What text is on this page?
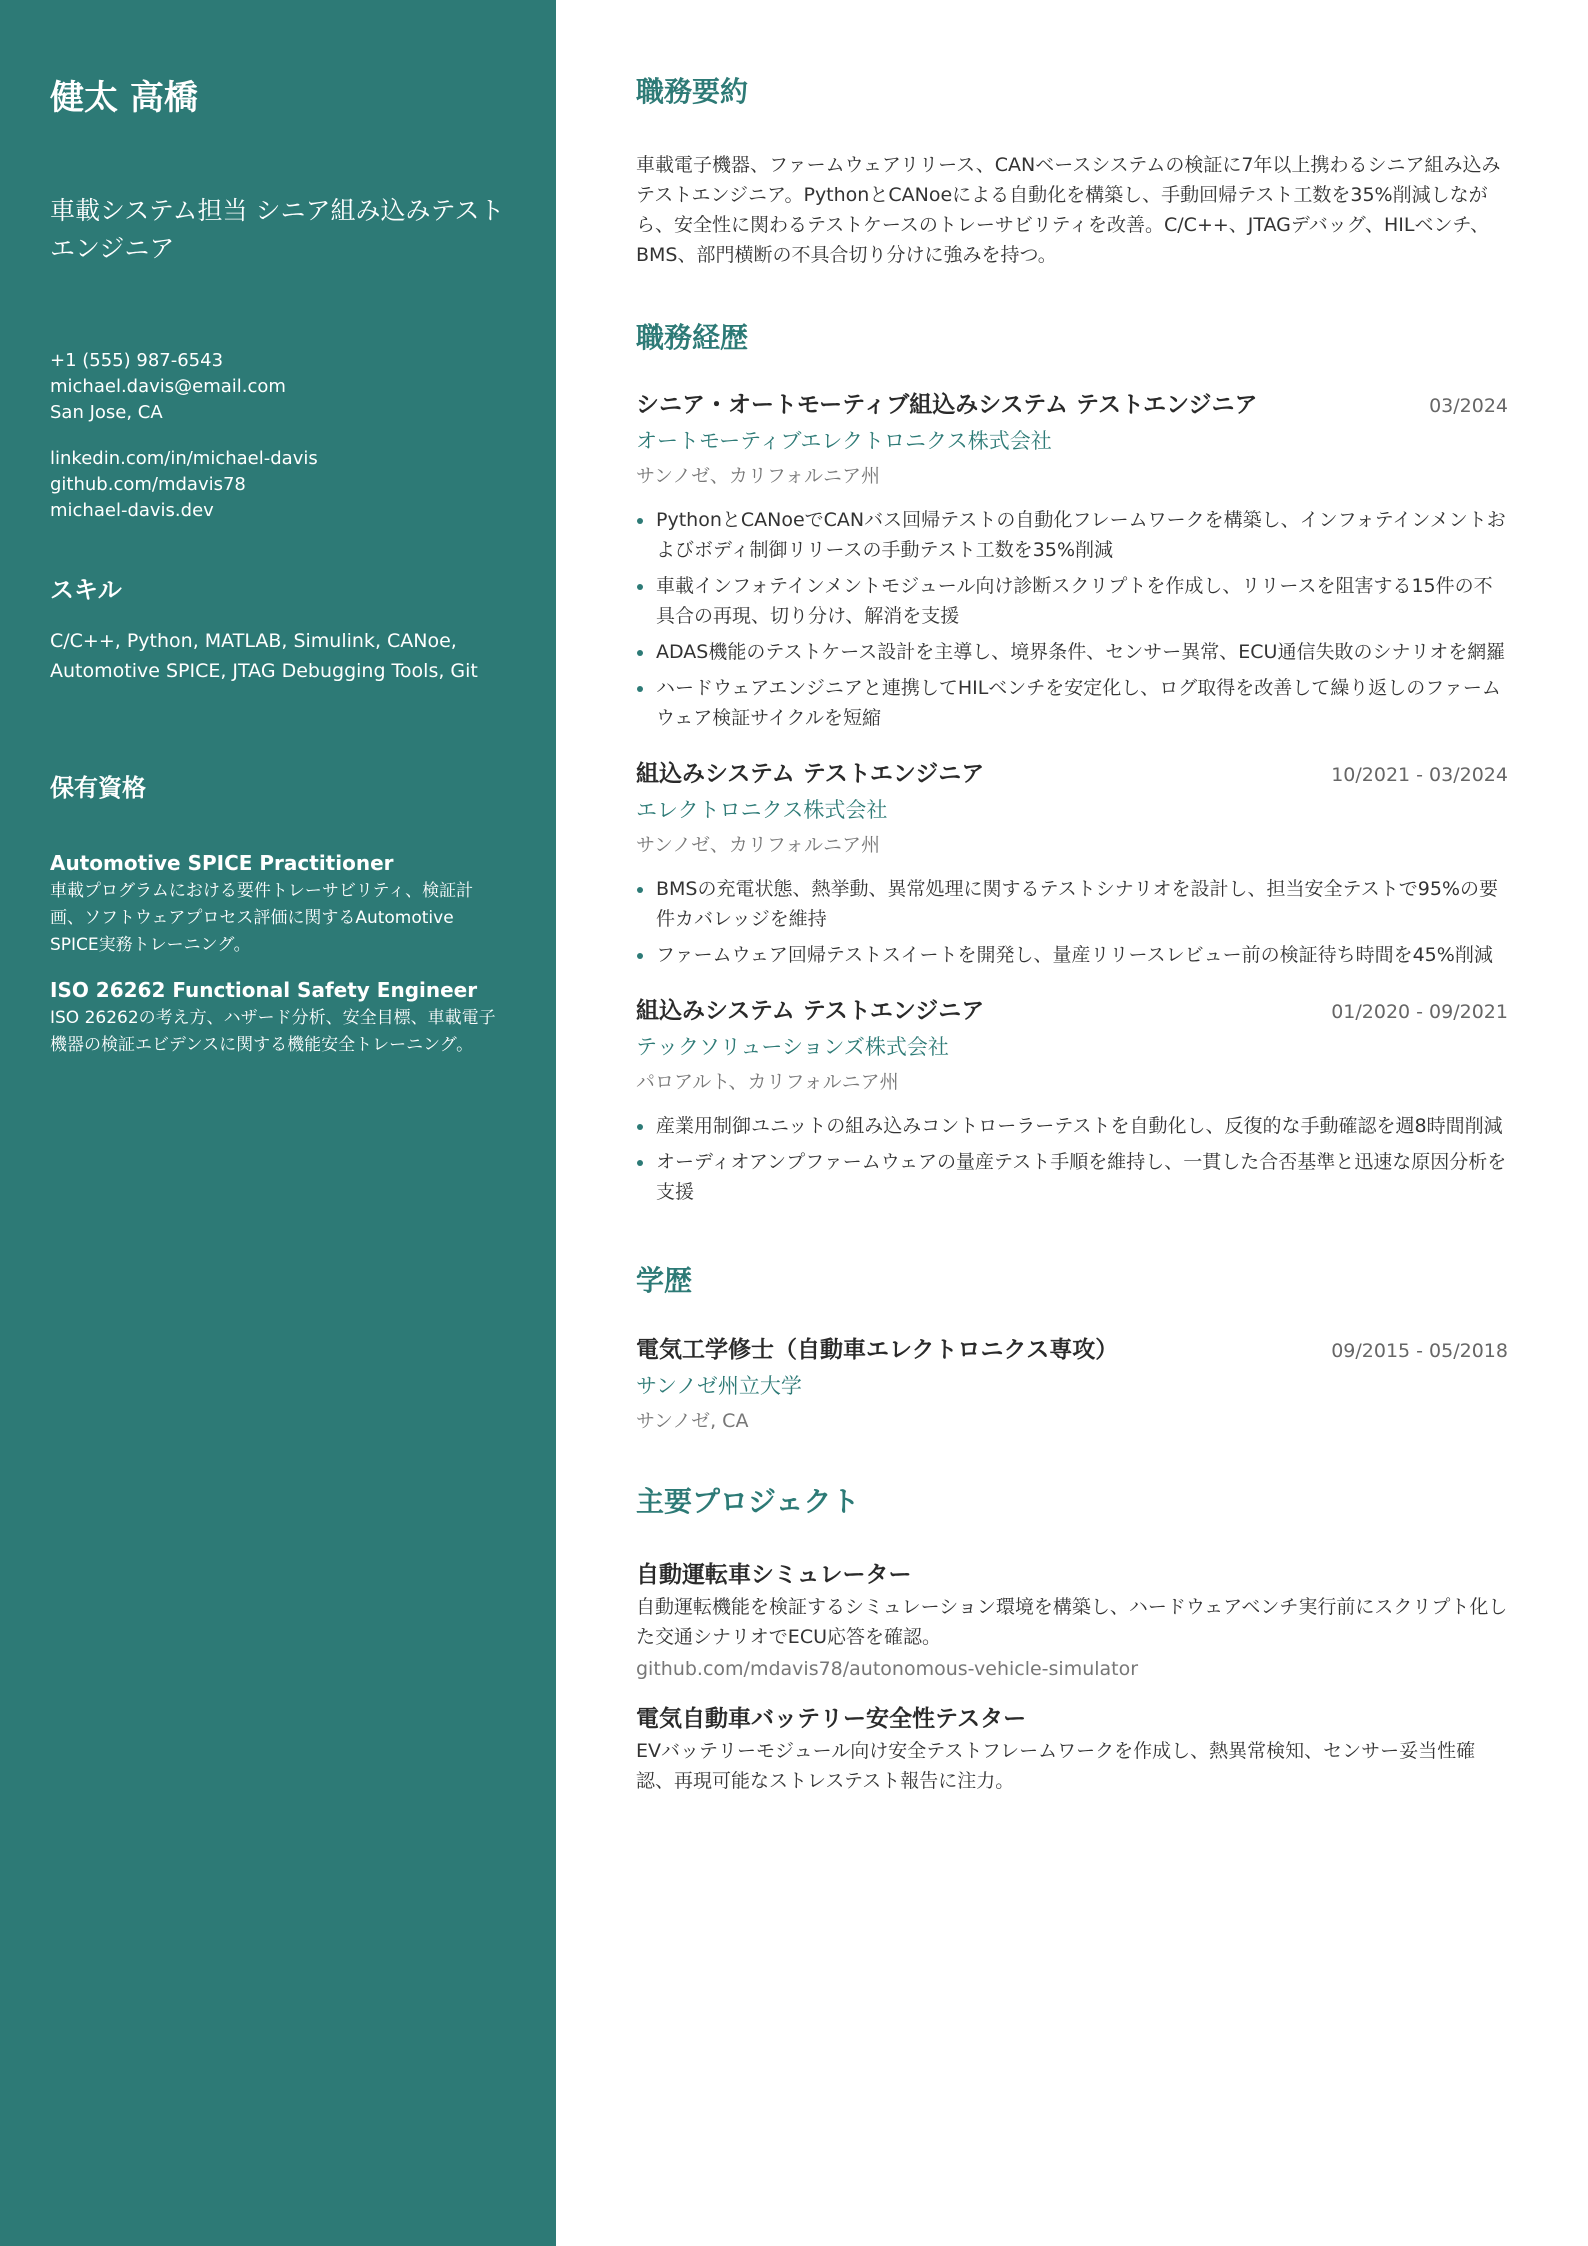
健太 高橋
車載システム担当 シニア組み込みテストエンジニア
+1 (555) 987-6543
michael.davis@email.com
San Jose, CA
linkedin.com/in/michael-davis
github.com/mdavis78
michael-davis.dev
スキル
C/C++, Python, MATLAB, Simulink, CANoe, Automotive SPICE, JTAG Debugging Tools, Git
保有資格
Automotive SPICE Practitioner
車載プログラムにおける要件トレーサビリティ、検証計画、ソフトウェアプロセス評価に関するAutomotive SPICE実務トレーニング。
ISO 26262 Functional Safety Engineer
ISO 26262の考え方、ハザード分析、安全目標、車載電子機器の検証エビデンスに関する機能安全トレーニング。
職務要約

車載電子機器、ファームウェアリリース、CANベースシステムの検証に7年以上携わるシニア組み込みテストエンジニア。PythonとCANoeによる自動化を構築し、手動回帰テスト工数を35%削減しながら、安全性に関わるテストケースのトレーサビリティを改善。C/C++、JTAGデバッグ、HILベンチ、BMS、部門横断の不具合切り分けに強みを持つ。

職務経歴
シニア・オートモーティブ組込みシステム テストエンジニア	03/2024
オートモーティブエレクトロニクス株式会社
サンノゼ、カリフォルニア州
PythonとCANoeでCANバス回帰テストの自動化フレームワークを構築し、インフォテインメントおよびボディ制御リリースの手動テスト工数を35%削減
車載インフォテインメントモジュール向け診断スクリプトを作成し、リリースを阻害する15件の不具合の再現、切り分け、解消を支援
ADAS機能のテストケース設計を主導し、境界条件、センサー異常、ECU通信失敗のシナリオを網羅
ハードウェアエンジニアと連携してHILベンチを安定化し、ログ取得を改善して繰り返しのファームウェア検証サイクルを短縮
組込みシステム テストエンジニア	10/2021 - 03/2024
エレクトロニクス株式会社
サンノゼ、カリフォルニア州
BMSの充電状態、熱挙動、異常処理に関するテストシナリオを設計し、担当安全テストで95%の要件カバレッジを維持
ファームウェア回帰テストスイートを開発し、量産リリースレビュー前の検証待ち時間を45%削減
組込みシステム テストエンジニア	01/2020 - 09/2021
テックソリューションズ株式会社
パロアルト、カリフォルニア州
産業用制御ユニットの組み込みコントローラーテストを自動化し、反復的な手動確認を週8時間削減
オーディオアンプファームウェアの量産テスト手順を維持し、一貫した合否基準と迅速な原因分析を支援
学歴
電気工学修士（自動車エレクトロニクス専攻）	09/2015 - 05/2018
サンノゼ州立大学
サンノゼ, CA
主要プロジェクト
自動運転車シミュレーター
自動運転機能を検証するシミュレーション環境を構築し、ハードウェアベンチ実行前にスクリプト化した交通シナリオでECU応答を確認。
github.com/mdavis78/autonomous-vehicle-simulator
電気自動車バッテリー安全性テスター
EVバッテリーモジュール向け安全テストフレームワークを作成し、熱異常検知、センサー妥当性確認、再現可能なストレステスト報告に注力。
